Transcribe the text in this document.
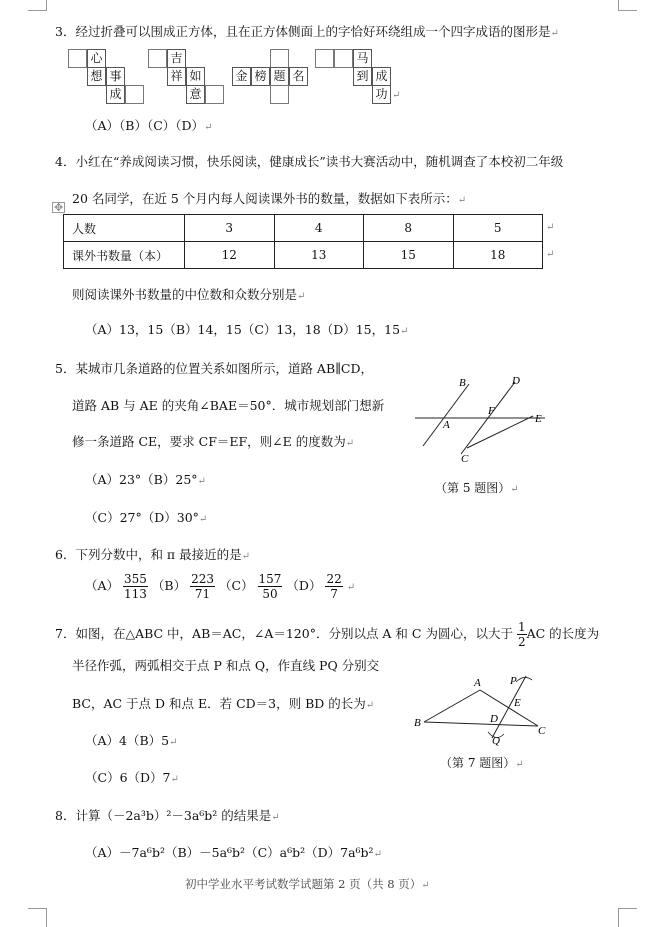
3．经过折叠可以围成正方体，且在正方体侧面上的字恰好环绕组成一个四字成语的图形是↵
心
想 事
成
吉
祥 如
意
金 榜 题 名
马
到 成
功 ↵
（A）（B）（C）（D）↵
4．小红在“养成阅读习惯，快乐阅读，健康成长”读书大赛活动中，随机调查了本校初二年级
20 名同学，在近 5 个月内每人阅读课外书的数量，数据如下表所示：↵
✥
人数	3	4	8	5
课外书数量（本）	12	13	15	18
↵
↵
则阅读课外书数量的中位数和众数分别是↵
（A）13，15（B）14，15（C）13，18（D）15，15↵
5．某城市几条道路的位置关系如图所示，道路 AB∥CD，
道路 AB 与 AE 的夹角∠BAE＝50°．城市规划部门想新
修一条道路 CE，要求 CF＝EF，则∠E 的度数为↵
（A）23°（B）25°↵
（C）27°（D）30°↵
B	D
F
E
A
C
（第 5 题图）↵
6．下列分数中，和 π 最接近的是↵
$(A) \frac{355}{113} (B) \frac{223}{71} (C) \frac{157}{50} (D) \frac{22}{7}$ ↵
7．如图，在△ABC 中，AB＝AC，∠A＝120°．分别以点 A 和 C 为圆心，以大于 $\frac{1}{2}$ AC 的长度为
半径作弧，两弧相交于点 P 和点 Q，作直线 PQ 分别交
BC，AC 于点 D 和点 E．若 CD＝3，则 BD 的长为↵
（A）4（B）5↵
（C）6（D）7↵
A	P
E
B	D
Q
C
（第 7 题图）↵
8．计算（－2a³b）²－3a⁶b² 的结果是↵
（A）－7a⁶b²（B）－5a⁶b²（C）a⁶b²（D）7a⁶b²↵
初中学业水平考试数学试题第 2 页（共 8 页）↵
